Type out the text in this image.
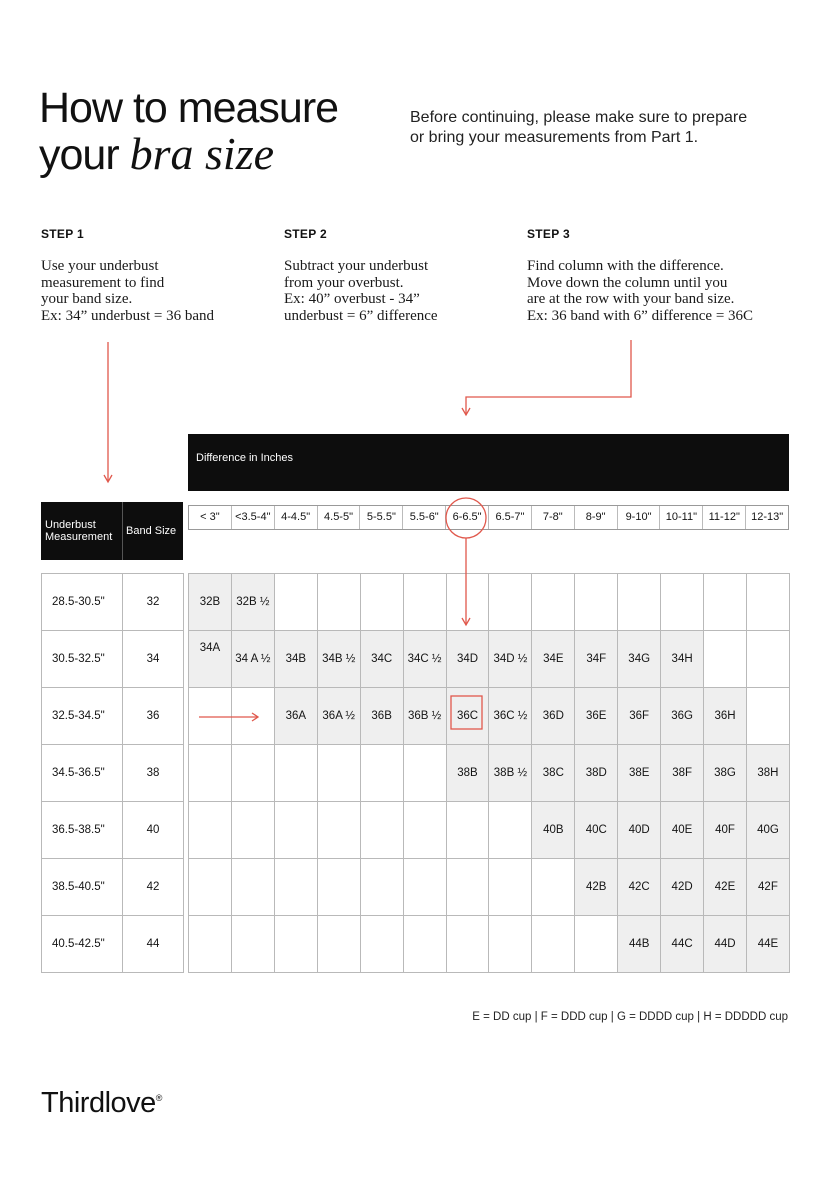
How to measure
your bra size
Before continuing, please make sure to prepare
or bring your measurements from Part 1.
STEP 1
Use your underbust
measurement to find
your band size.
Ex: 34” underbust = 36 band
STEP 2
Subtract your underbust
from your overbust.
Ex: 40” overbust - 34”
underbust = 6” difference
STEP 3
Find column with the difference.
Move down the column until you
are at the row with your band size.
Ex: 36 band with 6” difference = 36C
Difference in Inches
Underbust
Measurement Band Size
< 3"	<3.5-4" 4-4.5"	4.5-5"	5-5.5"	5.5-6"	6-6.5"	6.5-7"	7-8"	8-9"	9-10"	10-11"	11-12"	12-13"
28.5-30.5"	32
30.5-32.5"	34
32.5-34.5"	36
34.5-36.5"	38
36.5-38.5"	40
38.5-40.5"	42
40.5-42.5"	44
32B	32B ½												
34A	34 A ½	34B	34B ½	34C	34C ½	34D	34D ½	34E	34F	34G	34H		
		36A	36A ½	36B	36B ½	36C	36C ½	36D	36E	36F	36G	36H	
						38B	38B ½	38C	38D	38E	38F	38G	38H
								40B	40C	40D	40E	40F	40G
									42B	42C	42D	42E	42F
										44B	44C	44D	44E
E = DD cup | F = DDD cup | G = DDDD cup | H = DDDDD cup
Thirdlove®
